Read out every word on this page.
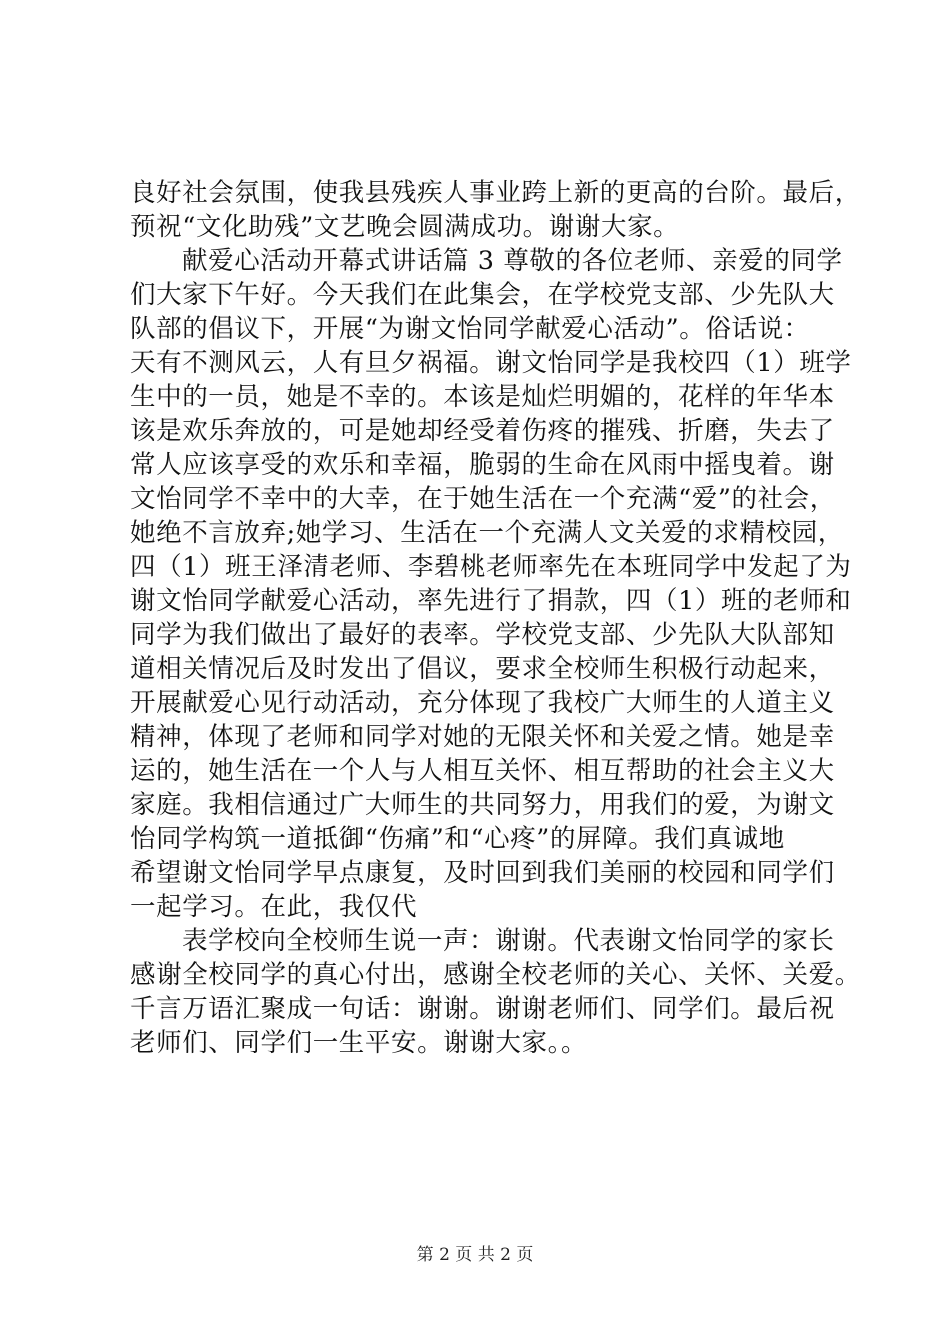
良好社会氛围，使我县残疾人事业跨上新的更高的台阶。最后，
预祝“文化助残”文艺晚会圆满成功。谢谢大家。
献爱心活动开幕式讲话篇 3 尊敬的各位老师、亲爱的同学
们大家下午好。今天我们在此集会，在学校党支部、少先队大
队部的倡议下，开展“为谢文怡同学献爱心活动”。俗话说：
天有不测风云，人有旦夕祸福。谢文怡同学是我校四（1）班学
生中的一员，她是不幸的。本该是灿烂明媚的，花样的年华本
该是欢乐奔放的，可是她却经受着伤疼的摧残、折磨，失去了
常人应该享受的欢乐和幸福，脆弱的生命在风雨中摇曳着。谢
文怡同学不幸中的大幸，在于她生活在一个充满“爱”的社会，
她绝不言放弃;她学习、生活在一个充满人文关爱的求精校园，
四（1）班王泽清老师、李碧桃老师率先在本班同学中发起了为
谢文怡同学献爱心活动，率先进行了捐款，四（1）班的老师和
同学为我们做出了最好的表率。学校党支部、少先队大队部知
道相关情况后及时发出了倡议，要求全校师生积极行动起来，
开展献爱心见行动活动，充分体现了我校广大师生的人道主义
精神，体现了老师和同学对她的无限关怀和关爱之情。她是幸
运的，她生活在一个人与人相互关怀、相互帮助的社会主义大
家庭。我相信通过广大师生的共同努力，用我们的爱，为谢文
怡同学构筑一道抵御“伤痛”和“心疼”的屏障。我们真诚地
希望谢文怡同学早点康复，及时回到我们美丽的校园和同学们
一起学习。在此，我仅代
表学校向全校师生说一声：谢谢。代表谢文怡同学的家长
感谢全校同学的真心付出，感谢全校老师的关心、关怀、关爱。
千言万语汇聚成一句话：谢谢。谢谢老师们、同学们。最后祝
老师们、同学们一生平安。谢谢大家。。
第 2 页 共 2 页
